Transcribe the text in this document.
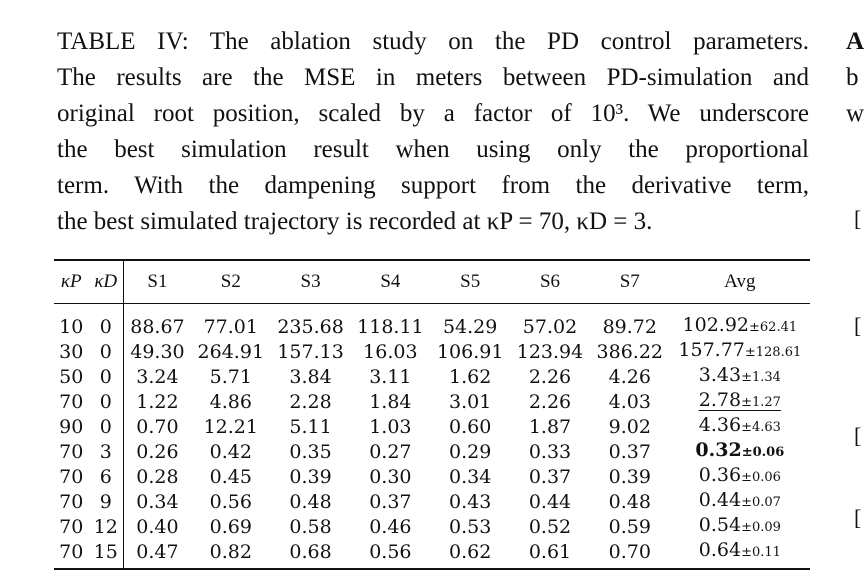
TABLE IV: The ablation study on the PD control parameters.
The results are the MSE in meters between PD-simulation and
original root position, scaled by a factor of 10³. We underscore
the best simulation result when using only the proportional
term. With the dampening support from the derivative term,
the best simulated trajectory is recorded at κP = 70, κD = 3.
A
b
w
[
[
[
[
κP	κD	S1	S2	S3	S4	S5	S6	S7	Avg
10	0	88.67	77.01	235.68	118.11	54.29	57.02	89.72	102.92±62.41
30	0	49.30	264.91	157.13	16.03	106.91	123.94	386.22	157.77±128.61
50	0	3.24	5.71	3.84	3.11	1.62	2.26	4.26	3.43±1.34
70	0	1.22	4.86	2.28	1.84	3.01	2.26	4.03	2.78±1.27
90	0	0.70	12.21	5.11	1.03	0.60	1.87	9.02	4.36±4.63
70	3	0.26	0.42	0.35	0.27	0.29	0.33	0.37	0.32±0.06
70	6	0.28	0.45	0.39	0.30	0.34	0.37	0.39	0.36±0.06
70	9	0.34	0.56	0.48	0.37	0.43	0.44	0.48	0.44±0.07
70	12	0.40	0.69	0.58	0.46	0.53	0.52	0.59	0.54±0.09
70	15	0.47	0.82	0.68	0.56	0.62	0.61	0.70	0.64±0.11
